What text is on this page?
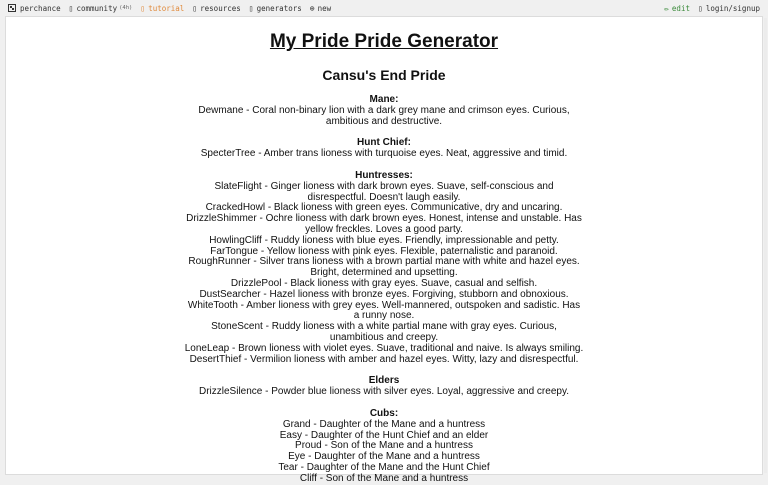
perchance ▯ community (4h) ▯ tutorial ▯ resources ▯ generators ⊕ new	✏ edit ▯ login/signup
My Pride Pride Generator
Cansu's End Pride
Mane:
Dewmane - Coral non-binary lion with a dark grey mane and crimson eyes. Curious, ambitious and destructive.
Hunt Chief:
SpecterTree - Amber trans lioness with turquoise eyes. Neat, aggressive and timid.
Huntresses:
SlateFlight - Ginger lioness with dark brown eyes. Suave, self-conscious and disrespectful. Doesn't laugh easily.
CrackedHowl - Black lioness with green eyes. Communicative, dry and uncaring.
DrizzleShimmer - Ochre lioness with dark brown eyes. Honest, intense and unstable. Has yellow freckles. Loves a good party.
HowlingCliff - Ruddy lioness with blue eyes. Friendly, impressionable and petty.
FarTongue - Yellow lioness with pink eyes. Flexible, paternalistic and paranoid.
RoughRunner - Silver trans lioness with a brown partial mane with white and hazel eyes. Bright, determined and upsetting.
DrizzlePool - Black lioness with gray eyes. Suave, casual and selfish.
DustSearcher - Hazel lioness with bronze eyes. Forgiving, stubborn and obnoxious.
WhiteTooth - Amber lioness with grey eyes. Well-mannered, outspoken and sadistic. Has a runny nose.
StoneScent - Ruddy lioness with a white partial mane with gray eyes. Curious, unambitious and creepy.
LoneLeap - Brown lioness with violet eyes. Suave, traditional and naive. Is always smiling.
DesertThief - Vermilion lioness with amber and hazel eyes. Witty, lazy and disrespectful.
Elders
DrizzleSilence - Powder blue lioness with silver eyes. Loyal, aggressive and creepy.
Cubs:
Grand - Daughter of the Mane and a huntress
Easy - Daughter of the Hunt Chief and an elder
Proud - Son of the Mane and a huntress
Eye - Daughter of the Mane and a huntress
Tear - Daughter of the Mane and the Hunt Chief
Cliff - Son of the Mane and a huntress
